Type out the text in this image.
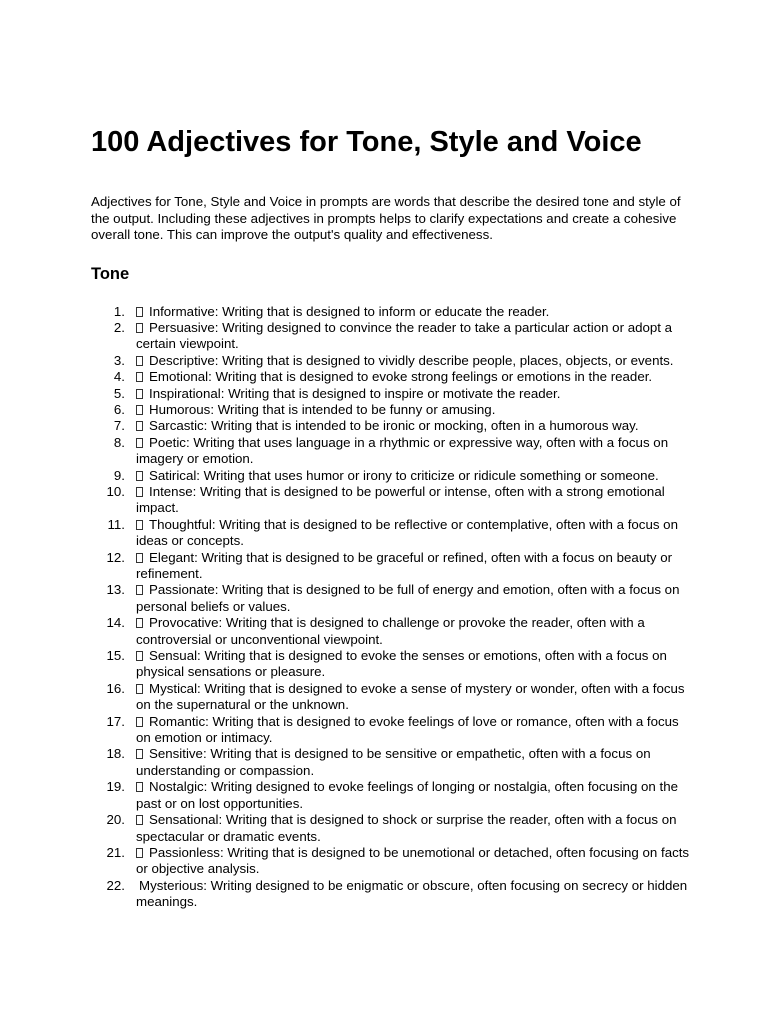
100 Adjectives for Tone, Style and Voice

Adjectives for Tone, Style and Voice in prompts are words that describe the desired tone and style of the output. Including these adjectives in prompts helps to clarify expectations and create a cohesive overall tone. This can improve the output's quality and effectiveness.

Tone
1. Informative: Writing that is designed to inform or educate the reader.
2. Persuasive: Writing designed to convince the reader to take a particular action or adopt a certain viewpoint.
3. Descriptive: Writing that is designed to vividly describe people, places, objects, or events.
4. Emotional: Writing that is designed to evoke strong feelings or emotions in the reader.
5. Inspirational: Writing that is designed to inspire or motivate the reader.
6. Humorous: Writing that is intended to be funny or amusing.
7. Sarcastic: Writing that is intended to be ironic or mocking, often in a humorous way.
8. Poetic: Writing that uses language in a rhythmic or expressive way, often with a focus on imagery or emotion.
9. Satirical: Writing that uses humor or irony to criticize or ridicule something or someone.
10. Intense: Writing that is designed to be powerful or intense, often with a strong emotional impact.
11. Thoughtful: Writing that is designed to be reflective or contemplative, often with a focus on ideas or concepts.
12. Elegant: Writing that is designed to be graceful or refined, often with a focus on beauty or refinement.
13. Passionate: Writing that is designed to be full of energy and emotion, often with a focus on personal beliefs or values.
14. Provocative: Writing that is designed to challenge or provoke the reader, often with a controversial or unconventional viewpoint.
15. Sensual: Writing that is designed to evoke the senses or emotions, often with a focus on physical sensations or pleasure.
16. Mystical: Writing that is designed to evoke a sense of mystery or wonder, often with a focus on the supernatural or the unknown.
17. Romantic: Writing that is designed to evoke feelings of love or romance, often with a focus on emotion or intimacy.
18. Sensitive: Writing that is designed to be sensitive or empathetic, often with a focus on understanding or compassion.
19. Nostalgic: Writing designed to evoke feelings of longing or nostalgia, often focusing on the past or on lost opportunities.
20. Sensational: Writing that is designed to shock or surprise the reader, often with a focus on spectacular or dramatic events.
21. Passionless: Writing that is designed to be unemotional or detached, often focusing on facts or objective analysis.
22. Mysterious: Writing designed to be enigmatic or obscure, often focusing on secrecy or hidden meanings.
